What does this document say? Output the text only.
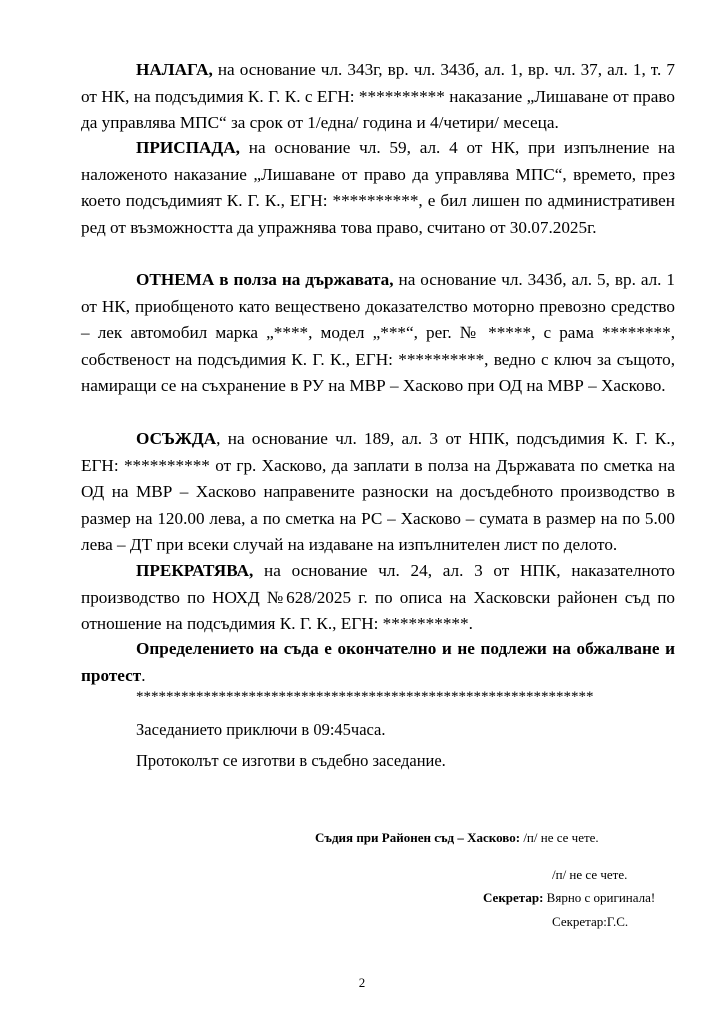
НАЛАГА, на основание чл. 343г, вр. чл. 343б, ал. 1, вр. чл. 37, ал. 1, т. 7 от НК, на подсъдимия К. Г. К. с ЕГН: ********** наказание „Лишаване от право да управлява МПС“ за срок от 1/една/ година и 4/четири/ месеца.

ПРИСПАДА, на основание чл. 59, ал. 4 от НК, при изпълнение на наложеното наказание „Лишаване от право да управлява МПС“, времето, през което подсъдимият К. Г. К., ЕГН: **********, е бил лишен по административен ред от възможността да упражнява това право, считано от 30.07.2025г.

ОТНЕМА в полза на държавата, на основание чл. 343б, ал. 5, вр. ал. 1 от НК, приобщеното като веществено доказателство моторно превозно средство – лек автомобил марка „****, модел „***“, рег. № *****, с рама ********, собственост на подсъдимия К. Г. К., ЕГН: **********, ведно с ключ за същото, намиращи се на съхранение в РУ на МВР – Хасково при ОД на МВР – Хасково.

ОСЪЖДА, на основание чл. 189, ал. 3 от НПК, подсъдимия К. Г. К., ЕГН: ********** от гр. Хасково, да заплати в полза на Държавата по сметка на ОД на МВР – Хасково направените разноски на досъдебното производство в размер на 120.00 лева, а по сметка на РС – Хасково – сумата в размер на по 5.00 лева – ДТ при всеки случай на издаване на изпълнителен лист по делото.

ПРЕКРАТЯВА, на основание чл. 24, ал. 3 от НПК, наказателното производство по НОХД №628/2025 г. по описа на Хасковски районен съд по отношение на подсъдимия К. Г. К., ЕГН: **********.

Определението на съда е окончателно и не подлежи на обжалване и протест.

*************************************************************
Заседанието приключи в 09:45часа.
Протоколът се изготви в съдебно заседание.
Съдия при Районен съд – Хасково: /п/ не се чете.
/п/ не се чете.
Секретар: Вярно с оригинала!
Секретар:Г.С.
2
